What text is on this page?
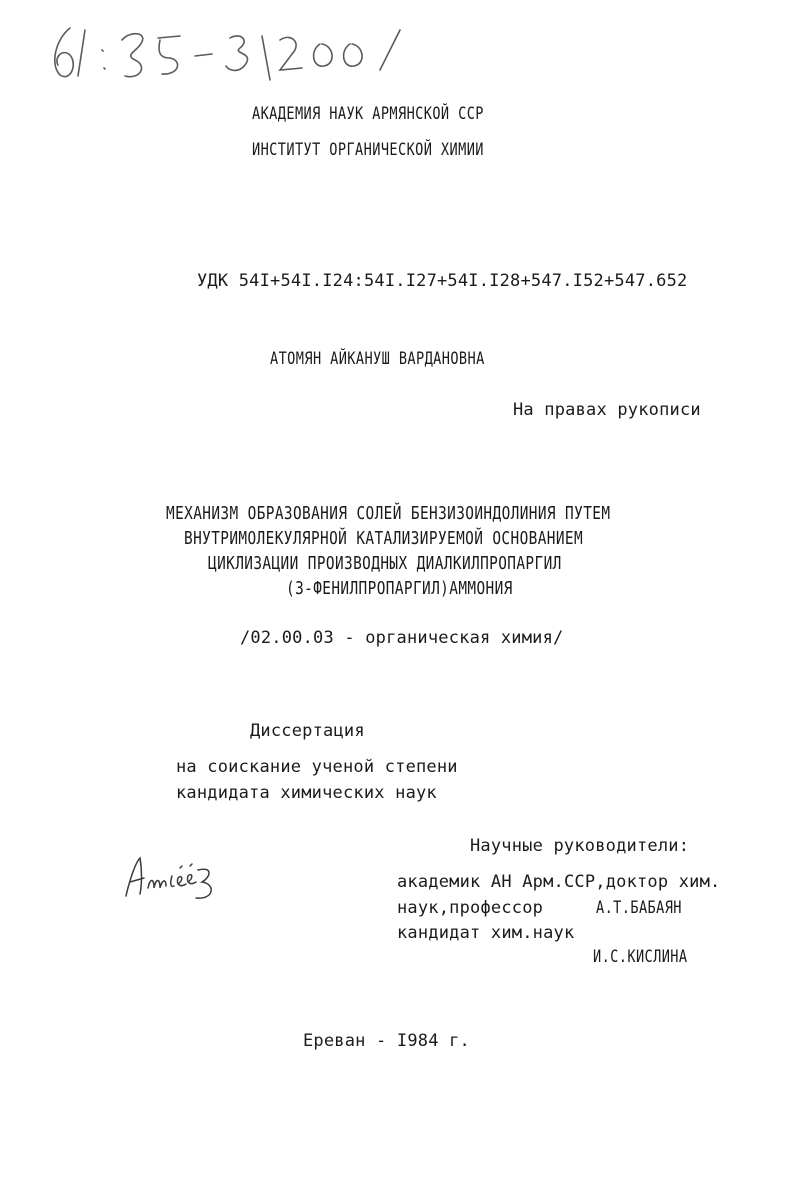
АКАДЕМИЯ НАУК АРМЯНСКОЙ ССР
ИНСТИТУТ ОРГАНИЧЕСКОЙ ХИМИИ
УДК 54I+54I.I24:54I.I27+54I.I28+547.I52+547.652
АТОМЯН АЙКАНУШ ВАРДАНОВНА
На правах рукописи
МЕХАНИЗМ ОБРАЗОВАНИЯ СОЛЕЙ БЕНЗИЗОИНДОЛИНИЯ ПУТЕМ
ВНУТРИМОЛЕКУЛЯРНОЙ КАТАЛИЗИРУЕМОЙ ОСНОВАНИЕМ
ЦИКЛИЗАЦИИ ПРОИЗВОДНЫХ ДИАЛКИЛПРОПАРГИЛ
(3-ФЕНИЛПРОПАРГИЛ)АММОНИЯ
/02.00.03 - органическая химия/
Диссертация
на соискание ученой степени
кандидата химических наук
Научные руководители:
академик АН Арм.ССР,доктор хим.
наук,профессор	А.Т.БАБАЯН
кандидат хим.наук
И.С.КИСЛИНА
Ереван - I984 г.
